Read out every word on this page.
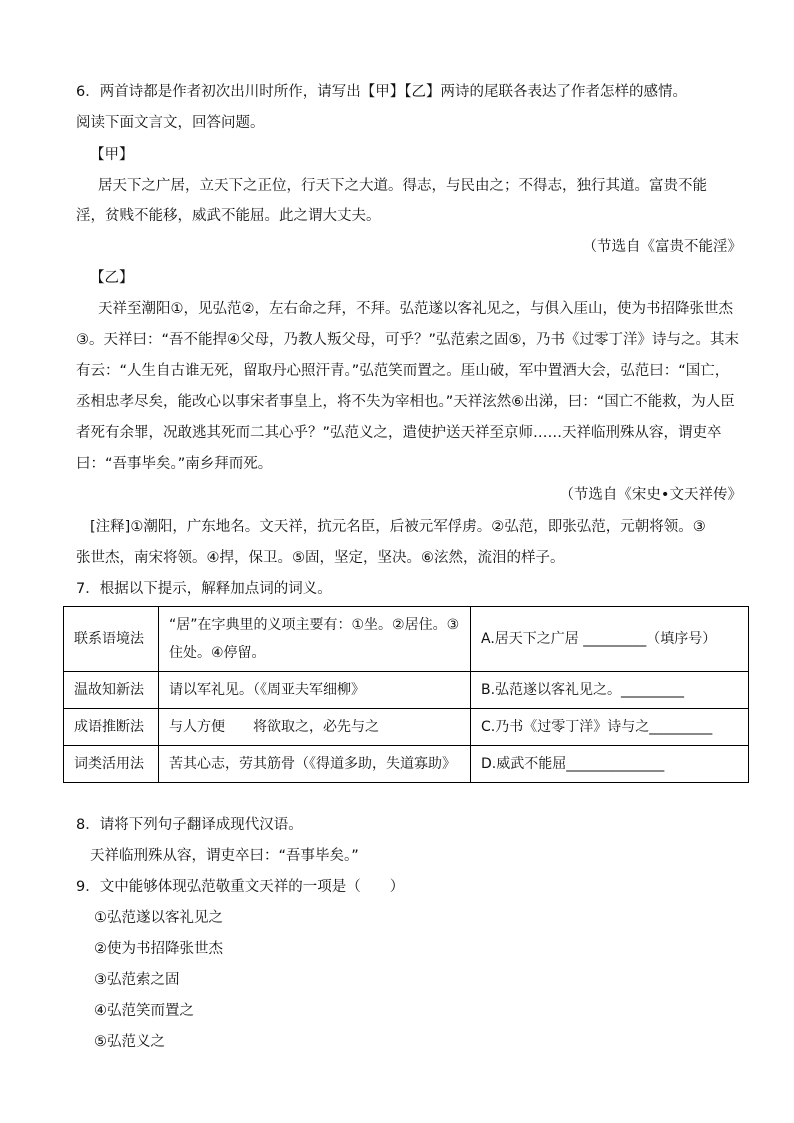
6．两首诗都是作者初次出川时所作，请写出【甲】【乙】两诗的尾联各表达了作者怎样的感情。
阅读下面文言文，回答问题。
【甲】
居天下之广居，立天下之正位，行天下之大道。得志，与民由之；不得志，独行其道。富贵不能
淫，贫贱不能移，威武不能屈。此之谓大丈夫。
（节选自《富贵不能淫》
【乙】
天祥至潮阳①，见弘范②，左右命之拜，不拜。弘范遂以客礼见之，与俱入厓山，使为书招降张世杰
③。天祥曰：“吾不能捍④父母，乃教人叛父母，可乎？”弘范索之固⑤，乃书《过零丁洋》诗与之。其末
有云：“人生自古谁无死，留取丹心照汗青。”弘范笑而置之。厓山破，军中置酒大会，弘范曰：“国亡，
丞相忠孝尽矣，能改心以事宋者事皇上，将不失为宰相也。”天祥泫然⑥出涕，曰：“国亡不能救，为人臣
者死有余罪，况敢逃其死而二其心乎？”弘范义之，遣使护送天祥至京师……天祥临刑殊从容，谓吏卒
曰：“吾事毕矣。”南乡拜而死。
（节选自《宋史•文天祥传》
[注释]①潮阳，广东地名。文天祥，抗元名臣，后被元军俘虏。②弘范，即张弘范，元朝将领。③
张世杰，南宋将领。④捍，保卫。⑤固，坚定，坚决。⑥泫然，流泪的样子。
7．根据以下提示，解释加点词的词义。
联系语境法	“居”在字典里的义项主要有：①坐。②居住。③住处。④停留。	A.居天下之广居 _________（填序号）
温故知新法	请以军礼见。（《周亚夫军细柳》	B.弘范遂以客礼见之。_________
成语推断法	与人方便　　将欲取之，必先与之	C.乃书《过零丁洋》诗与之_________
词类活用法	苦其心志，劳其筋骨（《得道多助，失道寡助》	D.威武不能屈______________
8．请将下列句子翻译成现代汉语。
天祥临刑殊从容，谓吏卒曰：“吾事毕矣。”
9．文中能够体现弘范敬重文天祥的一项是（　　）
①弘范遂以客礼见之
②使为书招降张世杰
③弘范索之固
④弘范笑而置之
⑤弘范义之
